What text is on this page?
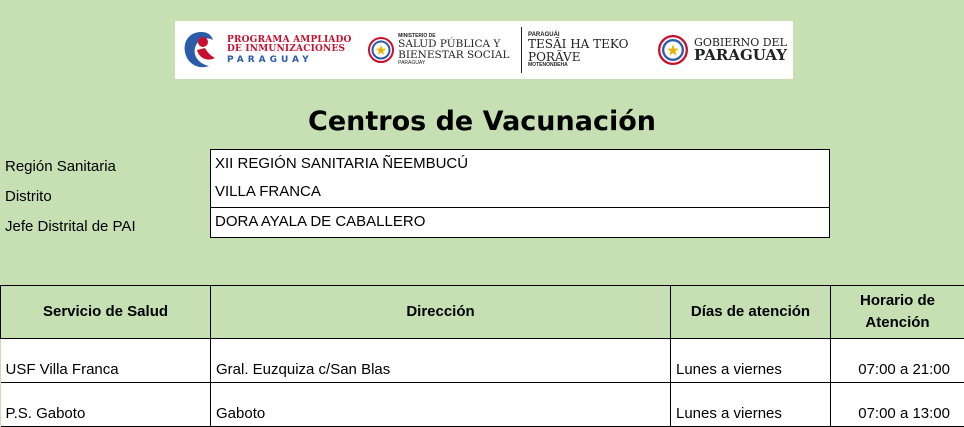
PROGRAMA AMPLIADO
DE INMUNIZACIONES
PARAGUAY
MINISTERIO DE
SALUD PÚBLICA Y
BIENESTAR SOCIAL
PARAGUAY
PARAGUÁI
TESÃI HA TEKO
PORÃVE
MOTENONDEHA
GOBIERNO DEL
PARAGUAY
Centros de Vacunación
Región Sanitaria	XII REGIÓN SANITARIA ÑEEMBUCÚ
Distrito	VILLA FRANCA
Jefe Distrital de PAI	DORA AYALA DE CABALLERO
Servicio de Salud	Dirección	Días de atención	Horario de Atención
USF Villa Franca	Gral. Euzquiza c/San Blas	Lunes a viernes	07:00 a 21:00
P.S. Gaboto	Gaboto	Lunes a viernes	07:00 a 13:00
